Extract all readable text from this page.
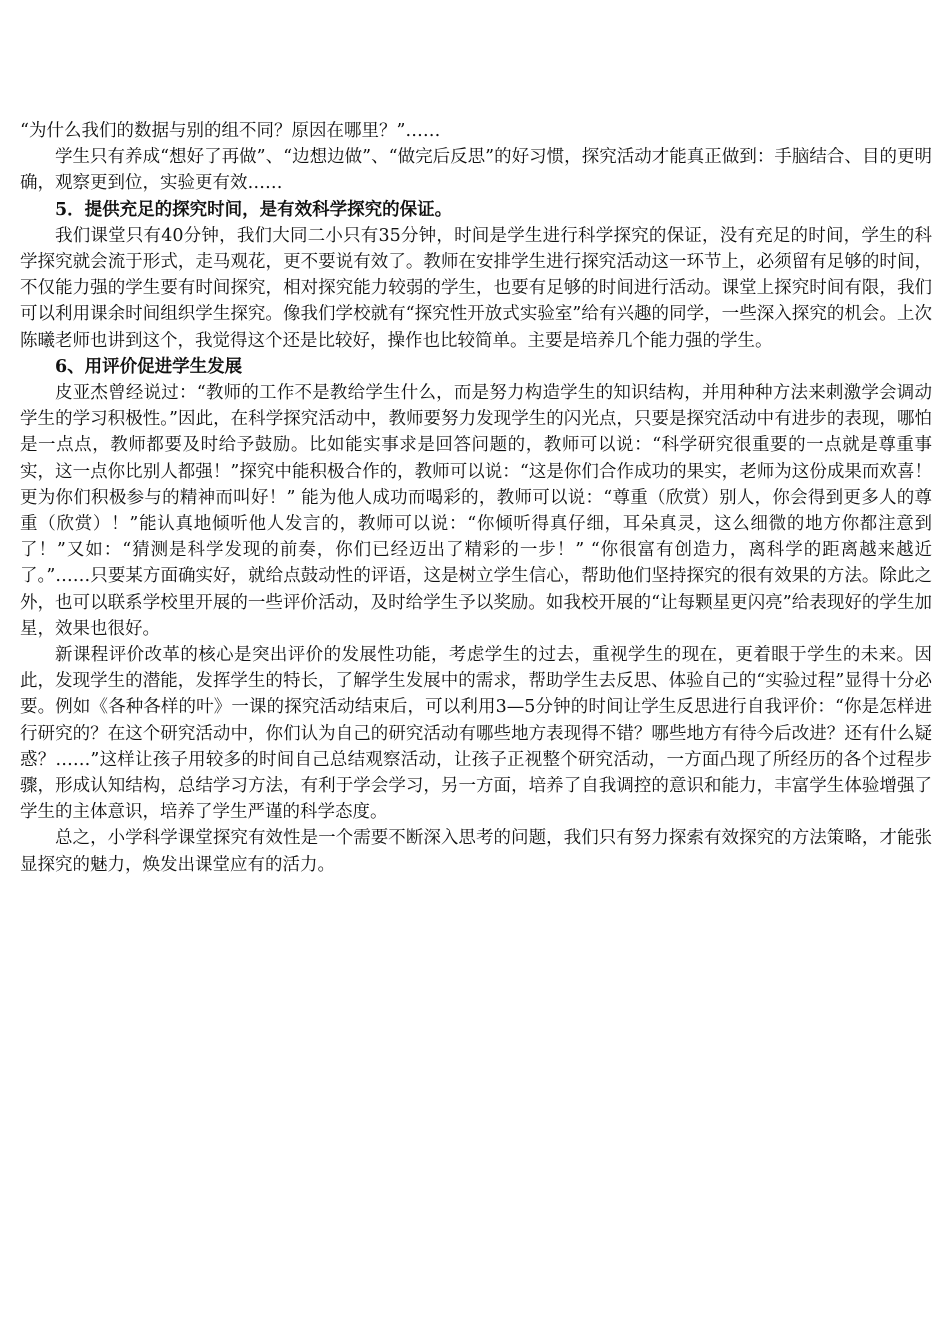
“为什么我们的数据与别的组不同？原因在哪里？”……

学生只有养成“想好了再做”、“边想边做”、“做完后反思”的好习惯，探究活动才能真正做到：手脑结合、目的更明确，观察更到位，实验更有效……

5．提供充足的探究时间，是有效科学探究的保证。

我们课堂只有40分钟，我们大同二小只有35分钟，时间是学生进行科学探究的保证，没有充足的时间，学生的科学探究就会流于形式，走马观花，更不要说有效了。教师在安排学生进行探究活动这一环节上，必须留有足够的时间，不仅能力强的学生要有时间探究，相对探究能力较弱的学生，也要有足够的时间进行活动。课堂上探究时间有限，我们可以利用课余时间组织学生探究。像我们学校就有“探究性开放式实验室”给有兴趣的同学，一些深入探究的机会。上次陈曦老师也讲到这个，我觉得这个还是比较好，操作也比较简单。主要是培养几个能力强的学生。

6、用评价促进学生发展

皮亚杰曾经说过：“教师的工作不是教给学生什么，而是努力构造学生的知识结构，并用种种方法来刺激学会调动学生的学习积极性。”因此，在科学探究活动中，教师要努力发现学生的闪光点，只要是探究活动中有进步的表现，哪怕是一点点，教师都要及时给予鼓励。比如能实事求是回答问题的，教师可以说：“科学研究很重要的一点就是尊重事实，这一点你比别人都强！”探究中能积极合作的，教师可以说：“这是你们合作成功的果实，老师为这份成果而欢喜！更为你们积极参与的精神而叫好！” 能为他人成功而喝彩的，教师可以说：“尊重（欣赏）别人，你会得到更多人的尊重（欣赏）！”能认真地倾听他人发言的，教师可以说：“你倾听得真仔细，耳朵真灵，这么细微的地方你都注意到了！”又如：“猜测是科学发现的前奏，你们已经迈出了精彩的一步！” “你很富有创造力，离科学的距离越来越近了。”……只要某方面确实好，就给点鼓动性的评语，这是树立学生信心，帮助他们坚持探究的很有效果的方法。除此之外，也可以联系学校里开展的一些评价活动，及时给学生予以奖励。如我校开展的“让每颗星更闪亮”给表现好的学生加星，效果也很好。

新课程评价改革的核心是突出评价的发展性功能，考虑学生的过去，重视学生的现在，更着眼于学生的未来。因此，发现学生的潜能，发挥学生的特长，了解学生发展中的需求，帮助学生去反思、体验自己的“实验过程”显得十分必要。例如《各种各样的叶》一课的探究活动结束后，可以利用3—5分钟的时间让学生反思进行自我评价：“你是怎样进行研究的？在这个研究活动中，你们认为自己的研究活动有哪些地方表现得不错？哪些地方有待今后改进？还有什么疑惑？……”这样让孩子用较多的时间自己总结观察活动，让孩子正视整个研究活动，一方面凸现了所经历的各个过程步骤，形成认知结构，总结学习方法，有利于学会学习，另一方面，培养了自我调控的意识和能力，丰富学生体验增强了学生的主体意识，培养了学生严谨的科学态度。

总之，小学科学课堂探究有效性是一个需要不断深入思考的问题，我们只有努力探索有效探究的方法策略，才能张显探究的魅力，焕发出课堂应有的活力。
